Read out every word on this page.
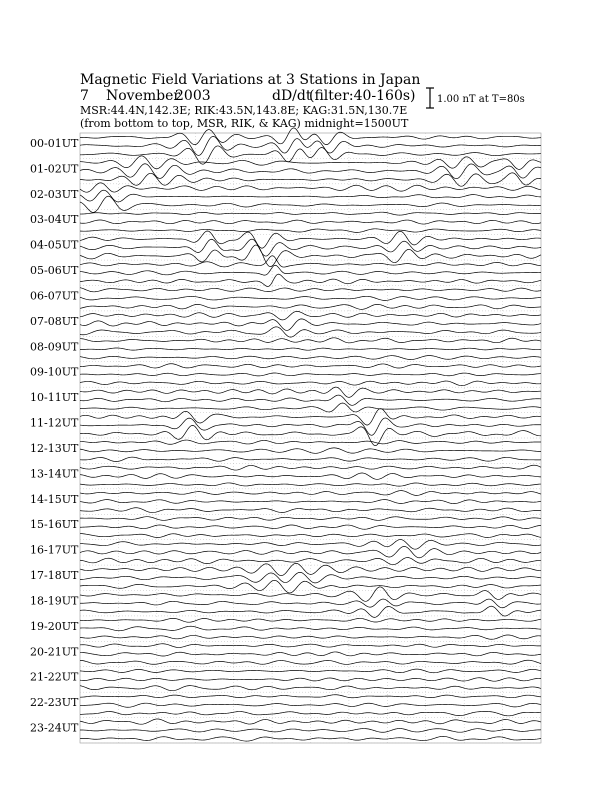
Magnetic Field Variations at 3 Stations in Japan
7 November
2003	dD/dt
(filter:40-160s)
MSR:44.4N,142.3E; RIK:43.5N,143.8E; KAG:31.5N,130.7E
(from bottom to top, MSR, RIK, & KAG) midnight=1500UT
1.00 nT at T=80s
00-01UT
01-02UT
02-03UT
03-04UT
04-05UT
05-06UT
06-07UT
07-08UT
08-09UT
09-10UT
10-11UT
11-12UT
12-13UT
13-14UT
14-15UT
15-16UT
16-17UT
17-18UT
18-19UT
19-20UT
20-21UT
21-22UT
22-23UT
23-24UT
